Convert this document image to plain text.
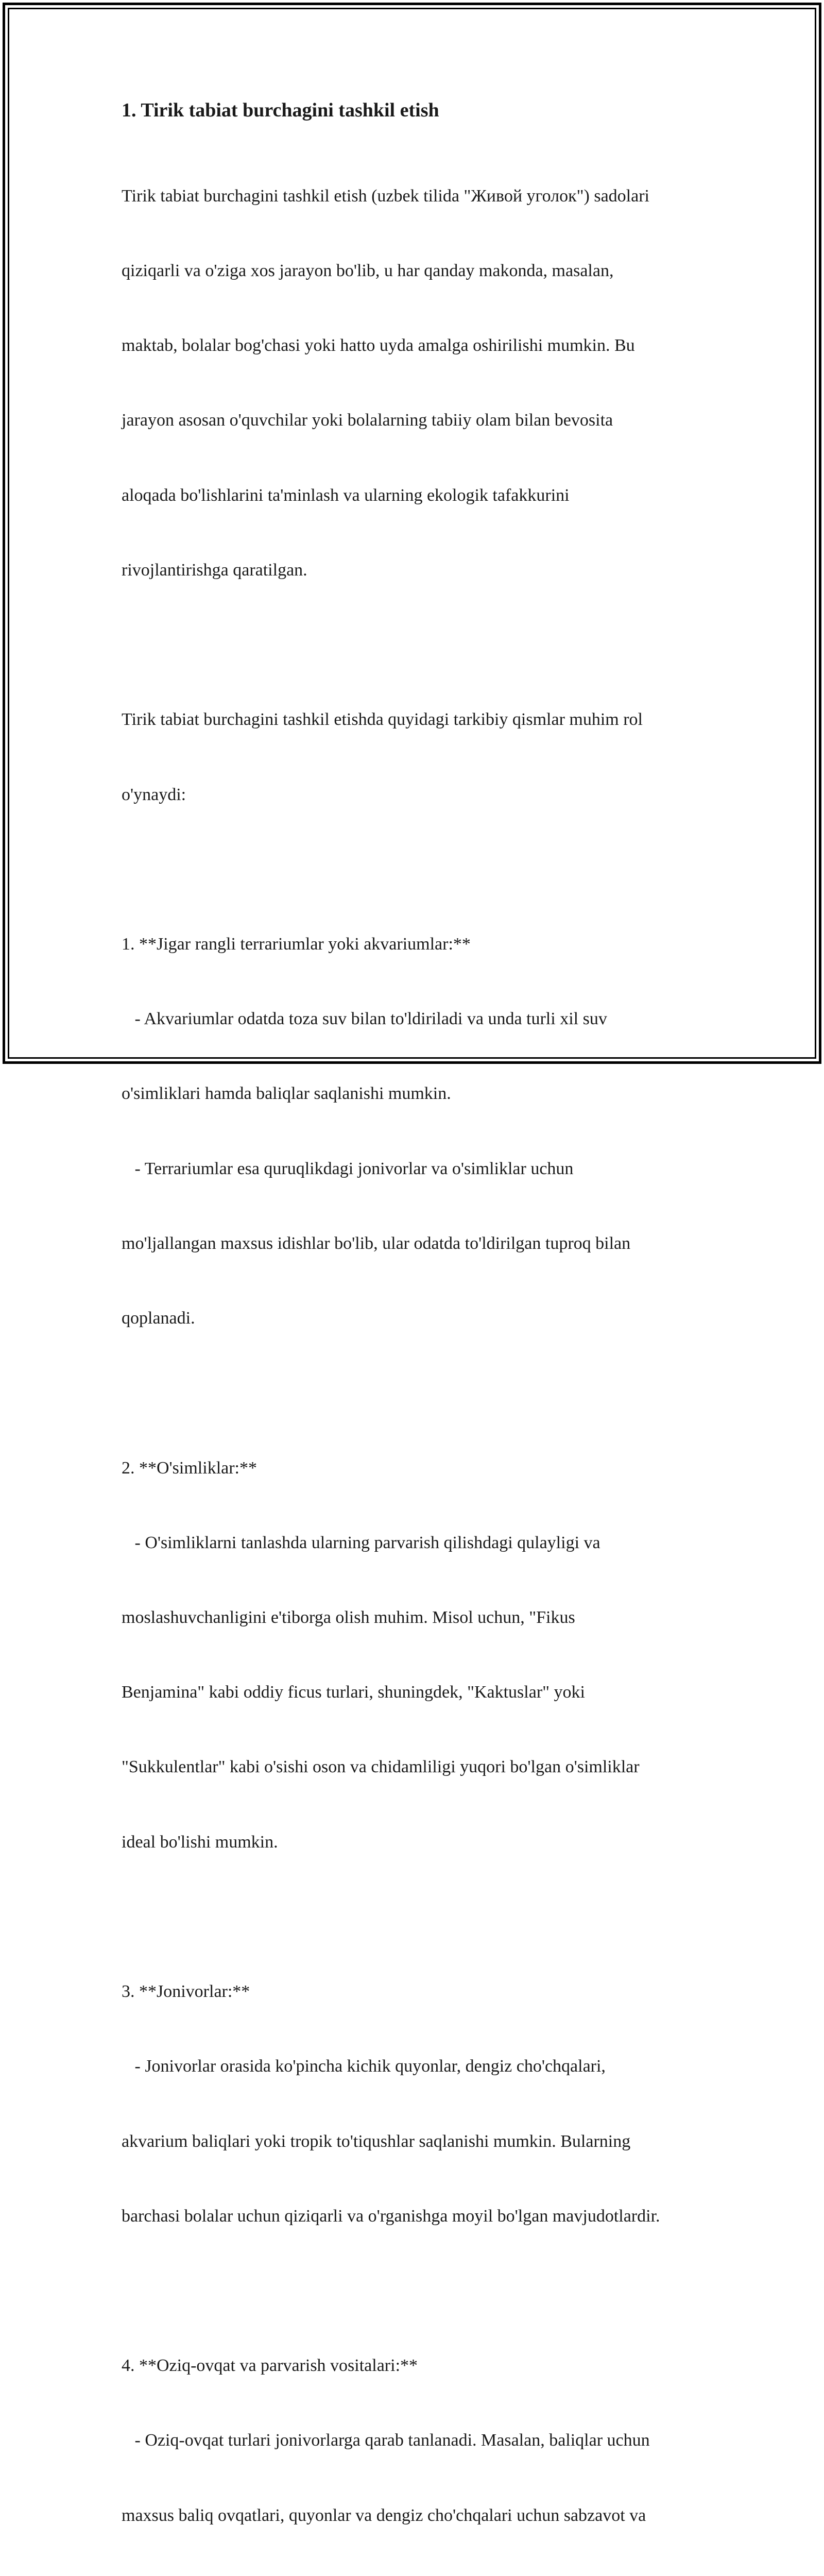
1. Tirik tabiat burchagini tashkil etish

Tirik tabiat burchagini tashkil etish (uzbek tilida "Живой уголок") sadolari

qiziqarli va o'ziga xos jarayon bo'lib, u har qanday makonda, masalan,

maktab, bolalar bog'chasi yoki hatto uyda amalga oshirilishi mumkin. Bu

jarayon asosan o'quvchilar yoki bolalarning tabiiy olam bilan bevosita

aloqada bo'lishlarini ta'minlash va ularning ekologik tafakkurini

rivojlantirishga qaratilgan.

Tirik tabiat burchagini tashkil etishda quyidagi tarkibiy qismlar muhim rol

o'ynaydi:

1. **Jigar rangli terrariumlar yoki akvariumlar:**

- Akvariumlar odatda toza suv bilan to'ldiriladi va unda turli xil suv

o'simliklari hamda baliqlar saqlanishi mumkin.

- Terrariumlar esa quruqlikdagi jonivorlar va o'simliklar uchun

mo'ljallangan maxsus idishlar bo'lib, ular odatda to'ldirilgan tuproq bilan

qoplanadi.

2. **O'simliklar:**

- O'simliklarni tanlashda ularning parvarish qilishdagi qulayligi va

moslashuvchanligini e'tiborga olish muhim. Misol uchun, "Fikus

Benjamina" kabi oddiy ficus turlari, shuningdek, "Kaktuslar" yoki

"Sukkulentlar" kabi o'sishi oson va chidamliligi yuqori bo'lgan o'simliklar

ideal bo'lishi mumkin.

3. **Jonivorlar:**

- Jonivorlar orasida ko'pincha kichik quyonlar, dengiz cho'chqalari,

akvarium baliqlari yoki tropik to'tiqushlar saqlanishi mumkin. Bularning

barchasi bolalar uchun qiziqarli va o'rganishga moyil bo'lgan mavjudotlardir.

4. **Oziq-ovqat va parvarish vositalari:**

- Oziq-ovqat turlari jonivorlarga qarab tanlanadi. Masalan, baliqlar uchun

maxsus baliq ovqatlari, quyonlar va dengiz cho'chqalari uchun sabzavot va
